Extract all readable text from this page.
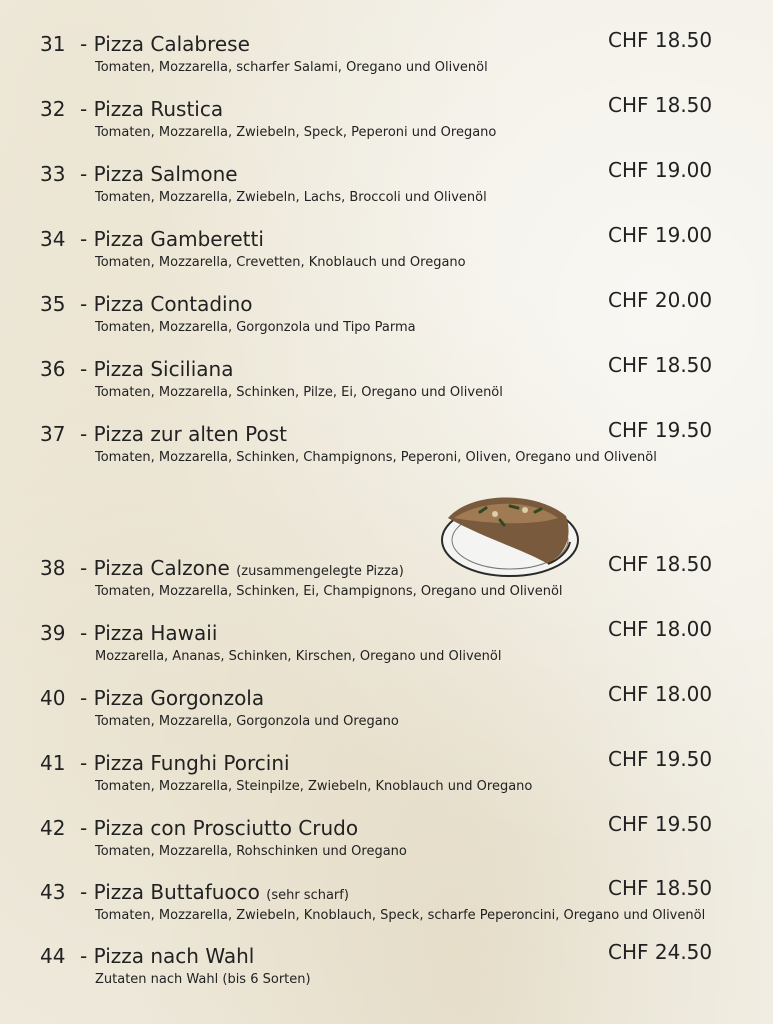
31 - Pizza Calabrese
Tomaten, Mozzarella, scharfer Salami, Oregano und Olivenöl
CHF 18.50
32 - Pizza Rustica
Tomaten, Mozzarella, Zwiebeln, Speck, Peperoni und Oregano
CHF 18.50
33 - Pizza Salmone
Tomaten, Mozzarella, Zwiebeln, Lachs, Broccoli und Olivenöl
CHF 19.00
34 - Pizza Gamberetti
Tomaten, Mozzarella, Crevetten, Knoblauch und Oregano
CHF 19.00
35 - Pizza Contadino
Tomaten, Mozzarella, Gorgonzola und Tipo Parma
CHF 20.00
36 - Pizza Siciliana
Tomaten, Mozzarella, Schinken, Pilze, Ei, Oregano und Olivenöl
CHF 18.50
37 - Pizza zur alten Post
Tomaten, Mozzarella, Schinken, Champignons, Peperoni, Oliven, Oregano und Olivenöl
CHF 19.50
38 - Pizza Calzone (zusammengelegte Pizza)
Tomaten, Mozzarella, Schinken, Ei, Champignons, Oregano und Olivenöl
CHF 18.50
39 - Pizza Hawaii
Mozzarella, Ananas, Schinken, Kirschen, Oregano und Olivenöl
CHF 18.00
40 - Pizza Gorgonzola
Tomaten, Mozzarella, Gorgonzola und Oregano
CHF 18.00
41 - Pizza Funghi Porcini
Tomaten, Mozzarella, Steinpilze, Zwiebeln, Knoblauch und Oregano
CHF 19.50
42 - Pizza con Prosciutto Crudo
Tomaten, Mozzarella, Rohschinken und Oregano
CHF 19.50
43 - Pizza Buttafuoco (sehr scharf)
Tomaten, Mozzarella, Zwiebeln, Knoblauch, Speck, scharfe Peperoncini, Oregano und Olivenöl
CHF 18.50
44 - Pizza nach Wahl
Zutaten nach Wahl (bis 6 Sorten)
CHF 24.50
